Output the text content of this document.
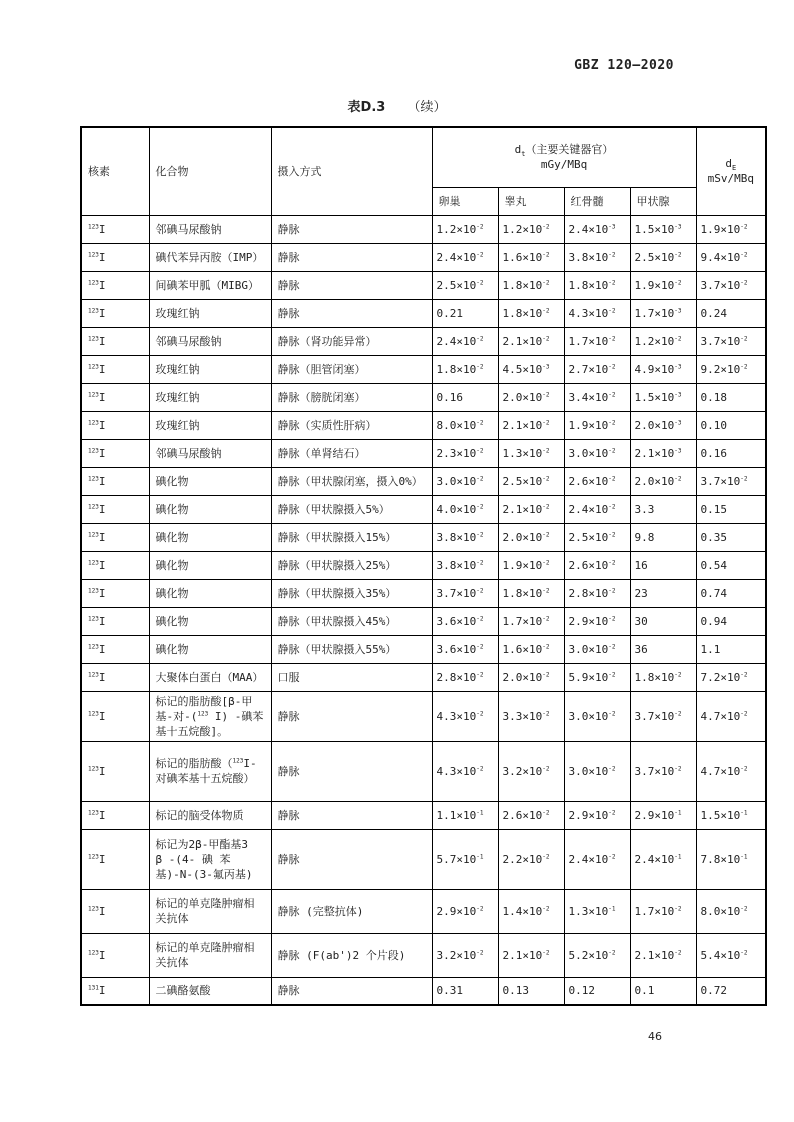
GBZ 120—2020
表D.3 （续）
核素	化合物	摄入方式	$d_t$（主要关键器官）
mGy/MBq				$d_E$
mSv/MBq
			卵巢	睾丸	红骨髓	甲状腺	
$^{123}$I	邻碘马尿酸钠	静脉	$1.2\times 10^{-2}$	$1.2\times 10^{-2}$	$2.4\times 10^{-3}$	$1.5\times 10^{-3}$	$1.9\times 10^{-2}$
$^{123}$I	碘代苯异丙胺（IMP）	静脉	$2.4\times 10^{-2}$	$1.6\times 10^{-2}$	$3.8\times 10^{-2}$	$2.5\times 10^{-2}$	$9.4\times 10^{-2}$
$^{123}$I	间碘苯甲胍（MIBG）	静脉	$2.5\times 10^{-2}$	$1.8\times 10^{-2}$	$1.8\times 10^{-2}$	$1.9\times 10^{-2}$	$3.7\times 10^{-2}$
$^{123}$I	玫瑰红钠	静脉	0.21	$1.8\times 10^{-2}$	$4.3\times 10^{-2}$	$1.7\times 10^{-3}$	0.24
$^{123}$I	邻碘马尿酸钠	静脉（肾功能异常）	$2.4\times 10^{-2}$	$2.1\times 10^{-2}$	$1.7\times 10^{-2}$	$1.2\times 10^{-2}$	$3.7\times 10^{-2}$
$^{123}$I	玫瑰红钠	静脉（胆管闭塞）	$1.8\times 10^{-2}$	$4.5\times 10^{-3}$	$2.7\times 10^{-2}$	$4.9\times 10^{-3}$	$9.2\times 10^{-2}$
$^{123}$I	玫瑰红钠	静脉（膀胱闭塞）	0.16	$2.0\times 10^{-2}$	$3.4\times 10^{-2}$	$1.5\times 10^{-3}$	0.18
$^{123}$I	玫瑰红钠	静脉（实质性肝病）	$8.0\times 10^{-2}$	$2.1\times 10^{-2}$	$1.9\times 10^{-2}$	$2.0\times 10^{-3}$	0.10
$^{123}$I	邻碘马尿酸钠	静脉（单肾结石）	$2.3\times 10^{-2}$	$1.3\times 10^{-2}$	$3.0\times 10^{-2}$	$2.1\times 10^{-3}$	0.16
$^{123}$I	碘化物	静脉（甲状腺闭塞，摄入0%）	$3.0\times 10^{-2}$	$2.5\times 10^{-2}$	$2.6\times 10^{-2}$	$2.0\times 10^{-2}$	$3.7\times 10^{-2}$
$^{123}$I	碘化物	静脉（甲状腺摄入5%）	$4.0\times 10^{-2}$	$2.1\times 10^{-2}$	$2.4\times 10^{-2}$	3.3	0.15
$^{123}$I	碘化物	静脉（甲状腺摄入15%）	$3.8\times 10^{-2}$	$2.0\times 10^{-2}$	$2.5\times 10^{-2}$	9.8	0.35
$^{123}$I	碘化物	静脉（甲状腺摄入25%）	$3.8\times 10^{-2}$	$1.9\times 10^{-2}$	$2.6\times 10^{-2}$	16	0.54
$^{123}$I	碘化物	静脉（甲状腺摄入35%）	$3.7\times 10^{-2}$	$1.8\times 10^{-2}$	$2.8\times 10^{-2}$	23	0.74
$^{123}$I	碘化物	静脉（甲状腺摄入45%）	$3.6\times 10^{-2}$	$1.7\times 10^{-2}$	$2.9\times 10^{-2}$	30	0.94
$^{123}$I	碘化物	静脉（甲状腺摄入55%）	$3.6\times 10^{-2}$	$1.6\times 10^{-2}$	$3.0\times 10^{-2}$	36	1.1
$^{123}$I	大聚体白蛋白（MAA）	口服	$2.8\times 10^{-2}$	$2.0\times 10^{-2}$	$5.9\times 10^{-2}$	$1.8\times 10^{-2}$	$7.2\times 10^{-2}$
$^{123}$I	标记的脂肪酸[β-甲
基-对-($^{123}$ I) -碘苯
基十五烷酸]。	静脉	$4.3\times 10^{-2}$	$3.3\times 10^{-2}$	$3.0\times 10^{-2}$	$3.7\times 10^{-2}$	$4.7\times 10^{-2}$
$^{123}$I	标记的脂肪酸（$^{123}$I-
对碘苯基十五烷酸）	静脉	$4.3\times 10^{-2}$	$3.2\times 10^{-2}$	$3.0\times 10^{-2}$	$3.7\times 10^{-2}$	$4.7\times 10^{-2}$
$^{123}$I	标记的脑受体物质	静脉	$1.1\times 10^{-1}$	$2.6\times 10^{-2}$	$2.9\times 10^{-2}$	$2.9\times 10^{-1}$	$1.5\times 10^{-1}$
$^{123}$I	标记为2β-甲酯基3
β -(4- 碘 苯
基)-N-(3-氟丙基)	静脉	$5.7\times 10^{-1}$	$2.2\times 10^{-2}$	$2.4\times 10^{-2}$	$2.4\times 10^{-1}$	$7.8\times 10^{-1}$
$^{123}$I	标记的单克隆肿瘤相
关抗体	静脉 (完整抗体)	$2.9\times 10^{-2}$	$1.4\times 10^{-2}$	$1.3\times 10^{-1}$	$1.7\times 10^{-2}$	$8.0\times 10^{-2}$
$^{123}$I	标记的单克隆肿瘤相
关抗体	静脉 (F(ab')2 个片段)	$3.2\times 10^{-2}$	$2.1\times 10^{-2}$	$5.2\times 10^{-2}$	$2.1\times 10^{-2}$	$5.4\times 10^{-2}$
$^{131}$I	二碘酪氨酸	静脉	0.31	0.13	0.12	0.1	0.72
46
